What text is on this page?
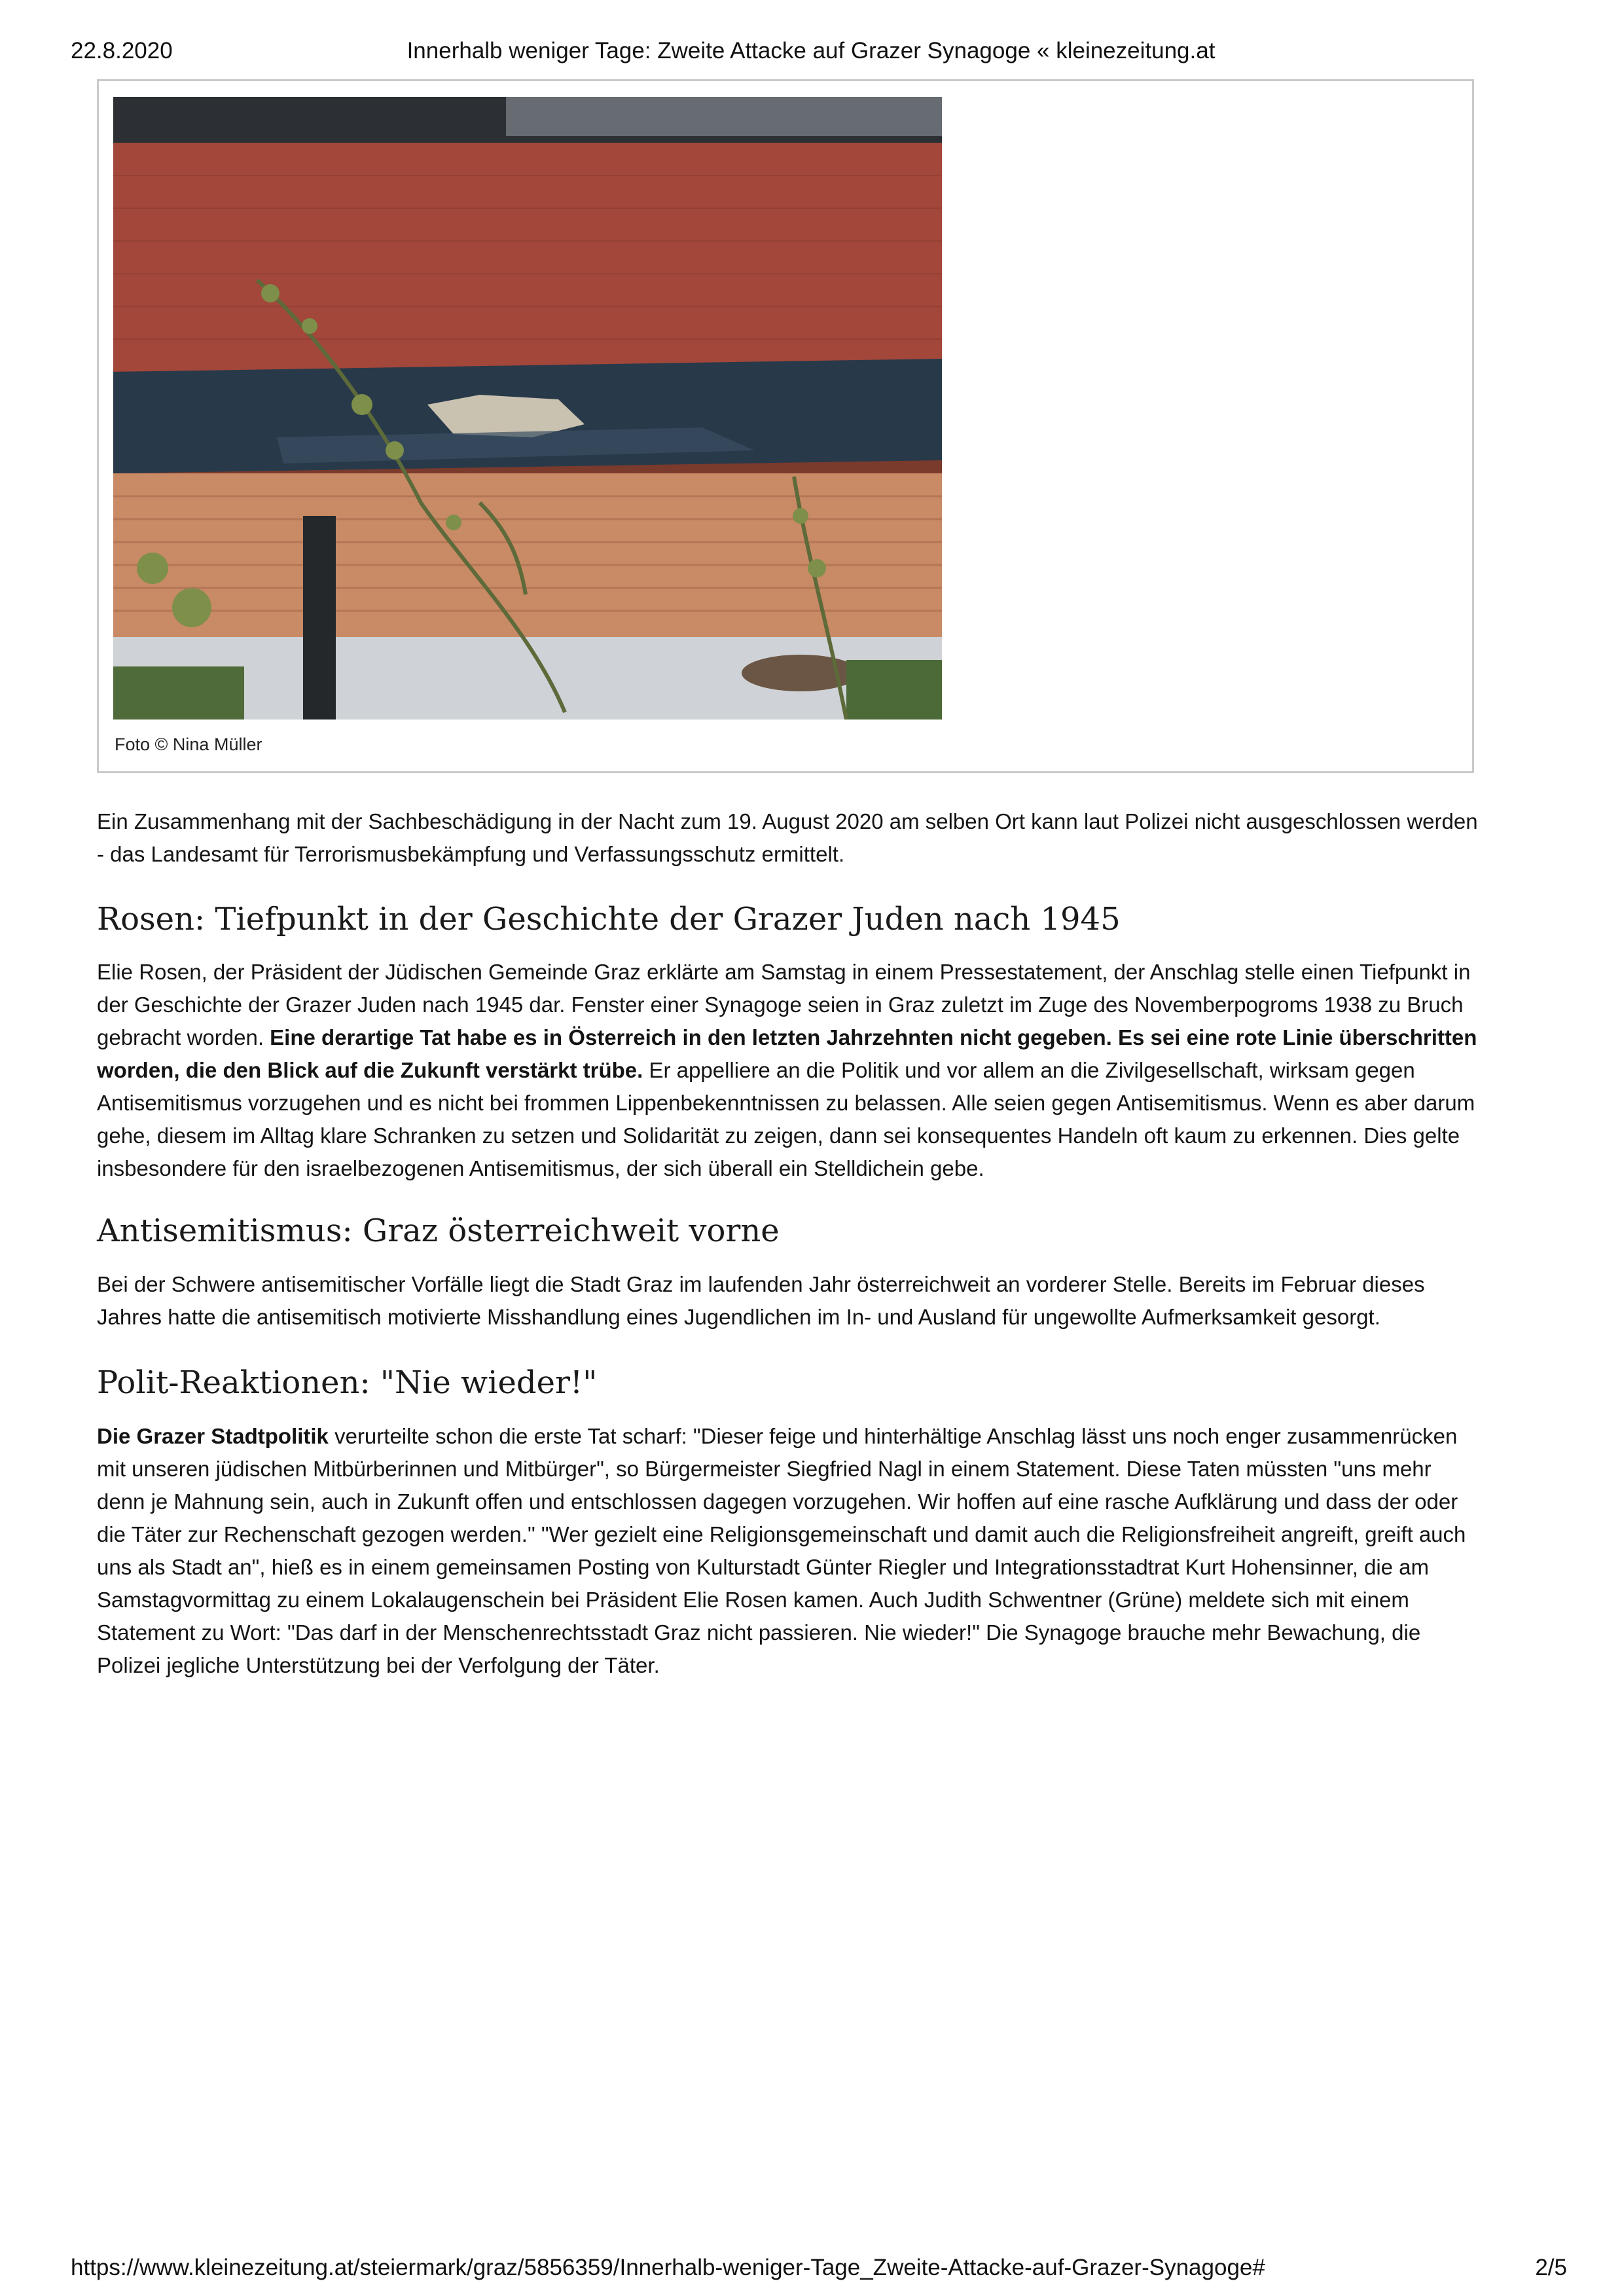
22.8.2020	Innerhalb weniger Tage: Zweite Attacke auf Grazer Synagoge « kleinezeitung.at
Foto © Nina Müller

Ein Zusammenhang mit der Sachbeschädigung in der Nacht zum 19. August 2020 am selben Ort kann laut Polizei nicht ausgeschlossen werden - das Landesamt für Terrorismusbekämpfung und Verfassungsschutz ermittelt.

Rosen: Tiefpunkt in der Geschichte der Grazer Juden nach 1945

Elie Rosen, der Präsident der Jüdischen Gemeinde Graz erklärte am Samstag in einem Pressestatement, der Anschlag stelle einen Tiefpunkt in der Geschichte der Grazer Juden nach 1945 dar. Fenster einer Synagoge seien in Graz zuletzt im Zuge des Novemberpogroms 1938 zu Bruch gebracht worden. Eine derartige Tat habe es in Österreich in den letzten Jahrzehnten nicht gegeben. Es sei eine rote Linie überschritten worden, die den Blick auf die Zukunft verstärkt trübe. Er appelliere an die Politik und vor allem an die Zivilgesellschaft, wirksam gegen Antisemitismus vorzugehen und es nicht bei frommen Lippenbekenntnissen zu belassen. Alle seien gegen Antisemitismus. Wenn es aber darum gehe, diesem im Alltag klare Schranken zu setzen und Solidarität zu zeigen, dann sei konsequentes Handeln oft kaum zu erkennen. Dies gelte insbesondere für den israelbezogenen Antisemitismus, der sich überall ein Stelldichein gebe.

Antisemitismus: Graz österreichweit vorne

Bei der Schwere antisemitischer Vorfälle liegt die Stadt Graz im laufenden Jahr österreichweit an vorderer Stelle. Bereits im Februar dieses Jahres hatte die antisemitisch motivierte Misshandlung eines Jugendlichen im In- und Ausland für ungewollte Aufmerksamkeit gesorgt.

Polit-Reaktionen: "Nie wieder!"

Die Grazer Stadtpolitik verurteilte schon die erste Tat scharf: "Dieser feige und hinterhältige Anschlag lässt uns noch enger zusammenrücken mit unseren jüdischen Mitbürberinnen und Mitbürger", so Bürgermeister Siegfried Nagl in einem Statement. Diese Taten müssten "uns mehr denn je Mahnung sein, auch in Zukunft offen und entschlossen dagegen vorzugehen. Wir hoffen auf eine rasche Aufklärung und dass der oder die Täter zur Rechenschaft gezogen werden." "Wer gezielt eine Religionsgemeinschaft und damit auch die Religionsfreiheit angreift, greift auch uns als Stadt an", hieß es in einem gemeinsamen Posting von Kulturstadt Günter Riegler und Integrationsstadtrat Kurt Hohensinner, die am Samstagvormittag zu einem Lokalaugenschein bei Präsident Elie Rosen kamen. Auch Judith Schwentner (Grüne) meldete sich mit einem Statement zu Wort: "Das darf in der Menschenrechtsstadt Graz nicht passieren. Nie wieder!" Die Synagoge brauche mehr Bewachung, die Polizei jegliche Unterstützung bei der Verfolgung der Täter.

https://www.kleinezeitung.at/steiermark/graz/5856359/Innerhalb-weniger-Tage_Zweite-Attacke-auf-Grazer-Synagoge#	2/5
